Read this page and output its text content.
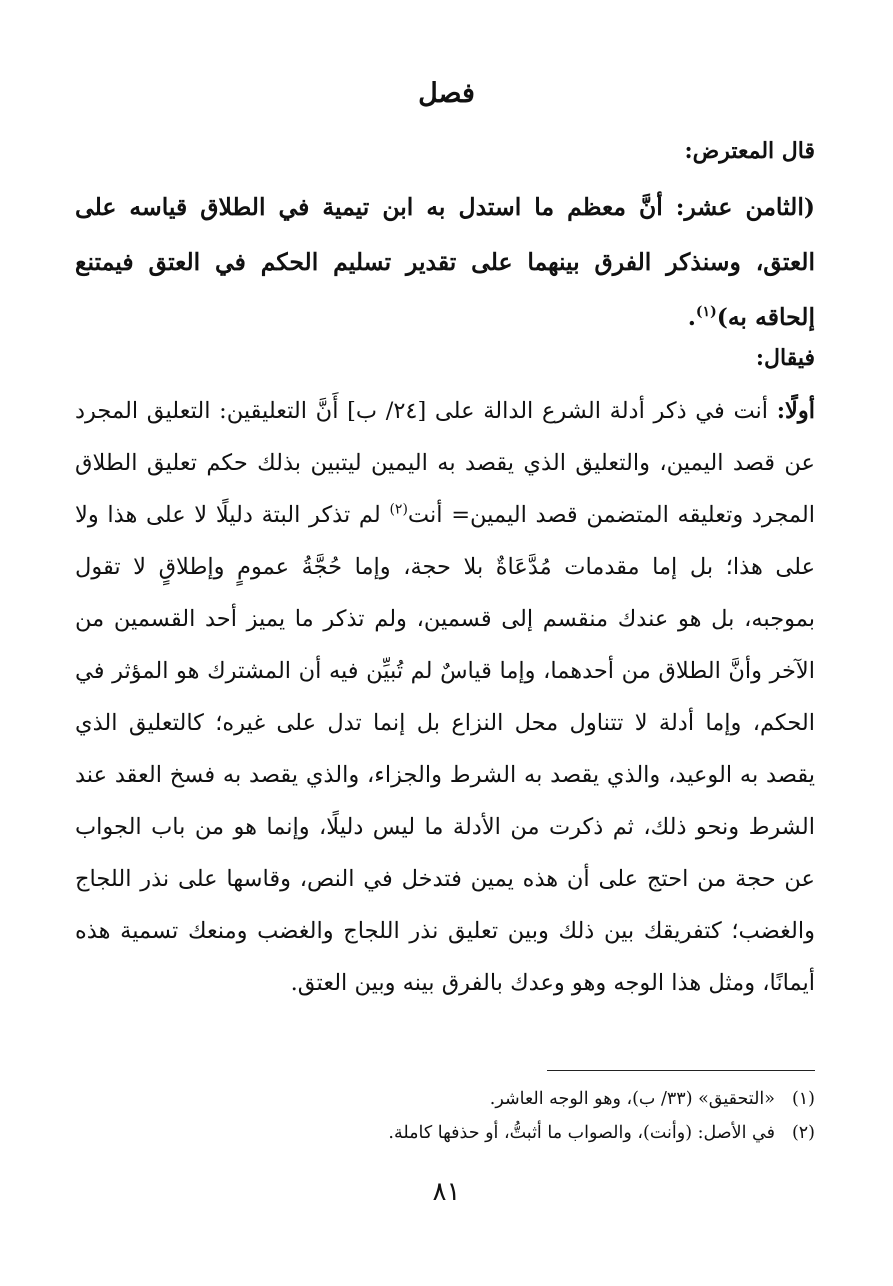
فصل
قال المعترض:

(الثامن عشر: أنَّ معظم ما استدل به ابن تيمية في الطلاق قياسه على العتق، وسنذكر الفرق بينهما على تقدير تسليم الحكم في العتق فيمتنع إلحاقه به)$^{(١)}$.

فيقال:

أولًا: أنت في ذكر أدلة الشرع الدالة على [٢٤/ ب] أَنَّ التعليقين: التعليق المجرد عن قصد اليمين، والتعليق الذي يقصد به اليمين ليتبين بذلك حكم تعليق الطلاق المجرد وتعليقه المتضمن قصد اليمين= أنت$^{(٢)}$ لم تذكر البتة دليلًا لا على هذا ولا على هذا؛ بل إما مقدمات مُدَّعَاةٌ بلا حجة، وإما حُجَّةُ عمومٍ وإطلاقٍ لا تقول بموجبه، بل هو عندك منقسم إلى قسمين، ولم تذكر ما يميز أحد القسمين من الآخر وأنَّ الطلاق من أحدهما، وإما قياسٌ لم تُبيِّن فيه أن المشترك هو المؤثر في الحكم، وإما أدلة لا تتناول محل النزاع بل إنما تدل على غيره؛ كالتعليق الذي يقصد به الوعيد، والذي يقصد به الشرط والجزاء، والذي يقصد به فسخ العقد عند الشرط ونحو ذلك، ثم ذكرت من الأدلة ما ليس دليلًا، وإنما هو من باب الجواب عن حجة من احتج على أن هذه يمين فتدخل في النص، وقاسها على نذر اللجاج والغضب؛ كتفريقك بين ذلك وبين تعليق نذر اللجاج والغضب ومنعك تسمية هذه أيمانًا، ومثل هذا الوجه وهو وعدك بالفرق بينه وبين العتق.

(١)«التحقيق» (٣٣/ ب)، وهو الوجه العاشر.
(٢)في الأصل: (وأنت)، والصواب ما أثبتُّ، أو حذفها كاملة.
٨١
